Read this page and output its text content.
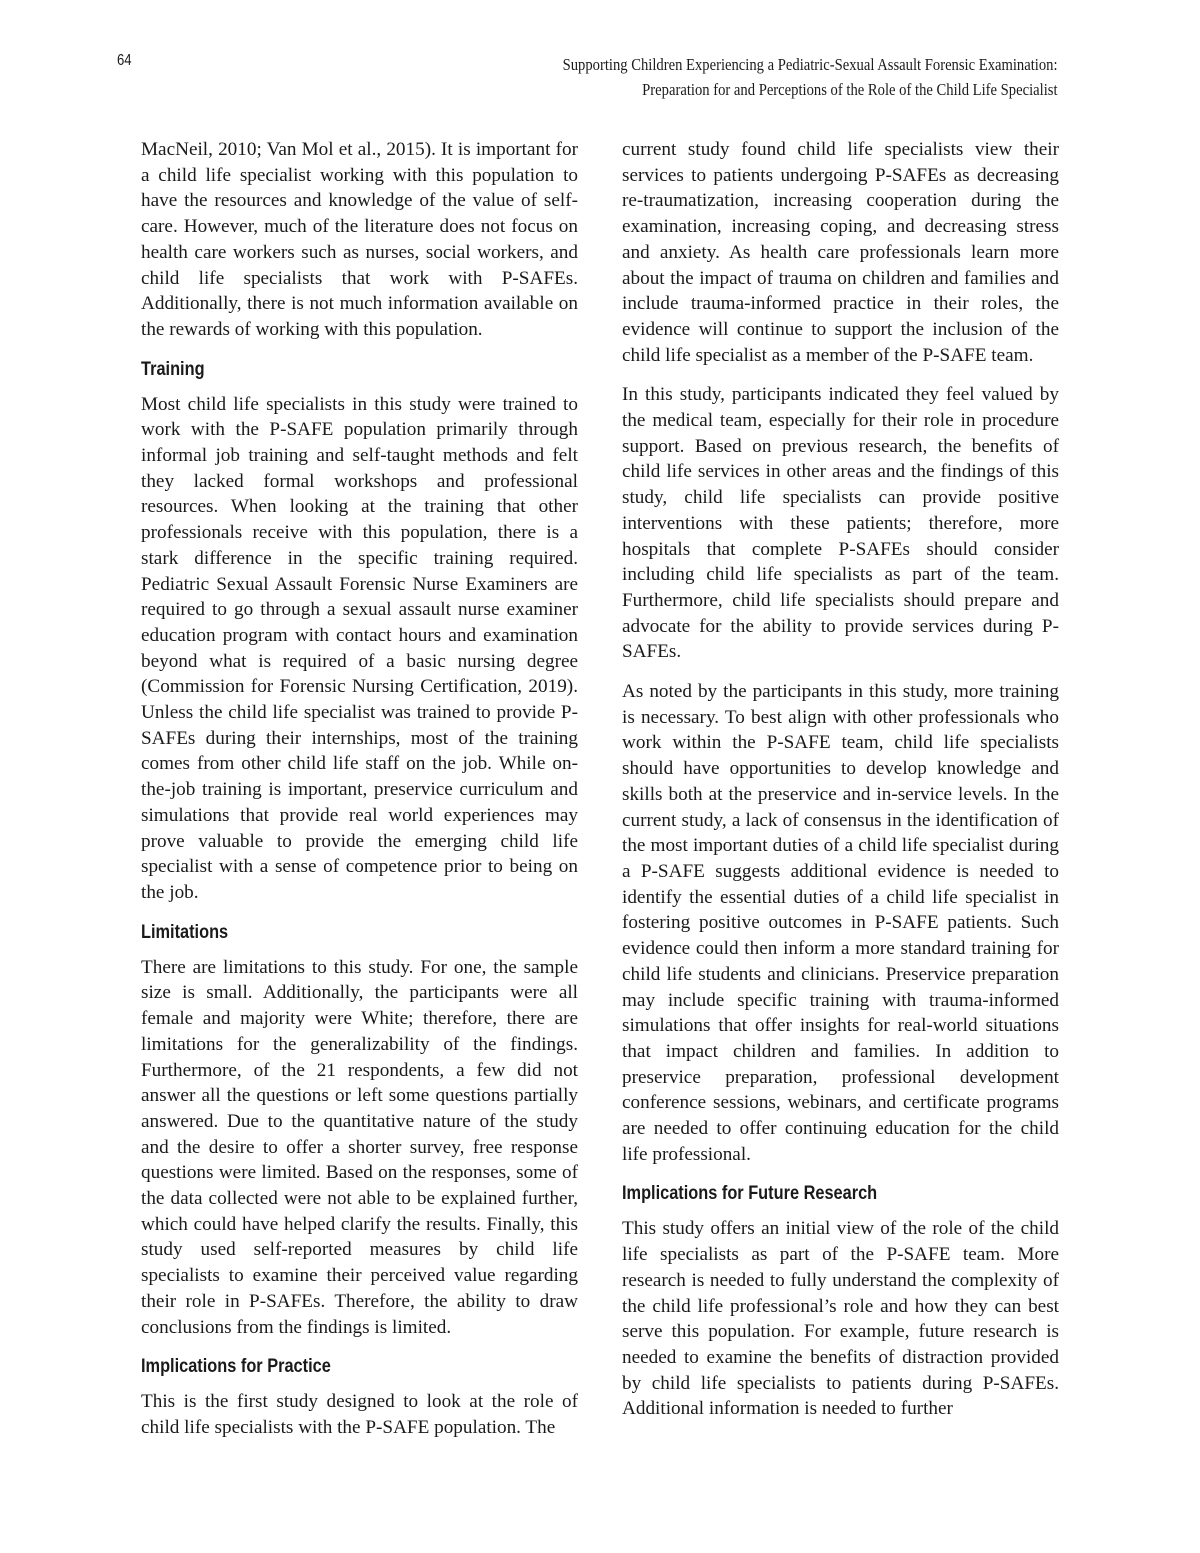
64	Supporting Children Experiencing a Pediatric-Sexual Assault Forensic Examination:
Preparation for and Perceptions of the Role of the Child Life Specialist

MacNeil, 2010; Van Mol et al., 2015). It is important for a child life specialist working with this population to have the resources and knowledge of the value of self-care. However, much of the literature does not focus on health care workers such as nurses, social workers, and child life specialists that work with P-SAFEs. Additionally, there is not much information available on the rewards of working with this population.

Training

Most child life specialists in this study were trained to work with the P-SAFE population primarily through informal job training and self-taught methods and felt they lacked formal workshops and professional resources. When looking at the training that other professionals receive with this population, there is a stark difference in the specific training required. Pediatric Sexual Assault Forensic Nurse Examiners are required to go through a sexual assault nurse examiner education program with contact hours and examination beyond what is required of a basic nursing degree (Commission for Forensic Nursing Certification, 2019). Unless the child life specialist was trained to provide P-SAFEs during their internships, most of the training comes from other child life staff on the job. While on-the-job training is important, preservice curriculum and simulations that provide real world experiences may prove valuable to provide the emerging child life specialist with a sense of competence prior to being on the job.

Limitations

There are limitations to this study. For one, the sample size is small. Additionally, the participants were all female and majority were White; therefore, there are limitations for the generalizability of the findings. Furthermore, of the 21 respondents, a few did not answer all the questions or left some questions partially answered. Due to the quantitative nature of the study and the desire to offer a shorter survey, free response questions were limited. Based on the responses, some of the data collected were not able to be explained further, which could have helped clarify the results. Finally, this study used self-reported measures by child life specialists to examine their perceived value regarding their role in P-SAFEs. Therefore, the ability to draw conclusions from the findings is limited.

Implications for Practice

This is the first study designed to look at the role of child life specialists with the P-SAFE population. The

current study found child life specialists view their services to patients undergoing P-SAFEs as decreasing re-traumatization, increasing cooperation during the examination, increasing coping, and decreasing stress and anxiety. As health care professionals learn more about the impact of trauma on children and families and include trauma-informed practice in their roles, the evidence will continue to support the inclusion of the child life specialist as a member of the P-SAFE team.

In this study, participants indicated they feel valued by the medical team, especially for their role in procedure support. Based on previous research, the benefits of child life services in other areas and the findings of this study, child life specialists can provide positive interventions with these patients; therefore, more hospitals that complete P-SAFEs should consider including child life specialists as part of the team. Furthermore, child life specialists should prepare and advocate for the ability to provide services during P-SAFEs.

As noted by the participants in this study, more training is necessary. To best align with other professionals who work within the P-SAFE team, child life specialists should have opportunities to develop knowledge and skills both at the preservice and in-service levels. In the current study, a lack of consensus in the identification of the most important duties of a child life specialist during a P-SAFE suggests additional evidence is needed to identify the essential duties of a child life specialist in fostering positive outcomes in P-SAFE patients. Such evidence could then inform a more standard training for child life students and clinicians. Preservice preparation may include specific training with trauma-informed simulations that offer insights for real-world situations that impact children and families. In addition to preservice preparation, professional development conference sessions, webinars, and certificate programs are needed to offer continuing education for the child life professional.

Implications for Future Research

This study offers an initial view of the role of the child life specialists as part of the P-SAFE team. More research is needed to fully understand the complexity of the child life professional’s role and how they can best serve this population. For example, future research is needed to examine the benefits of distraction provided by child life specialists to patients during P-SAFEs. Additional information is needed to further
